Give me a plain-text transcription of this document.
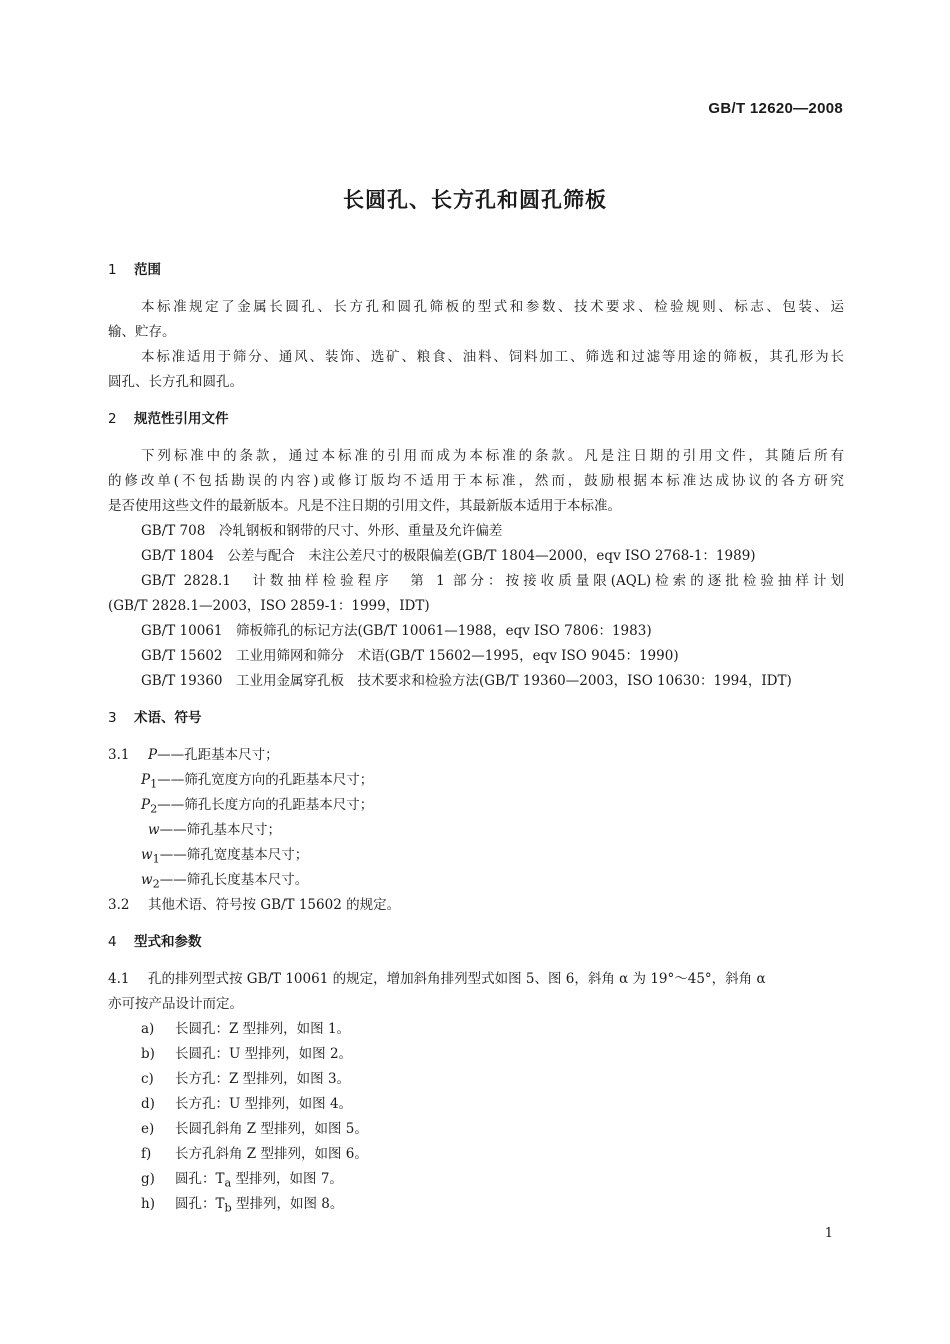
GB/T 12620—2008
长圆孔、长方孔和圆孔筛板
1 范围
本标准规定了金属长圆孔、长方孔和圆孔筛板的型式和参数、技术要求、检验规则、标志、包装、运
输、贮存。
本标准适用于筛分、通风、装饰、选矿、粮食、油料、饲料加工、筛选和过滤等用途的筛板，其孔形为长
圆孔、长方孔和圆孔。
2 规范性引用文件
下列标准中的条款，通过本标准的引用而成为本标准的条款。凡是注日期的引用文件，其随后所有
的修改单(不包括勘误的内容)或修订版均不适用于本标准，然而，鼓励根据本标准达成协议的各方研究
是否使用这些文件的最新版本。凡是不注日期的引用文件，其最新版本适用于本标准。
GB/T 708　冷轧钢板和钢带的尺寸、外形、重量及允许偏差
GB/T 1804　公差与配合　未注公差尺寸的极限偏差(GB/T 1804—2000，eqv ISO 2768-1：1989)
GB/T 2828.1　计数抽样检验程序　第 1 部分：按接收质量限(AQL)检索的逐批检验抽样计划
(GB/T 2828.1—2003，ISO 2859-1：1999，IDT)
GB/T 10061　筛板筛孔的标记方法(GB/T 10061—1988，eqv ISO 7806：1983)
GB/T 15602　工业用筛网和筛分　术语(GB/T 15602—1995，eqv ISO 9045：1990)
GB/T 19360　工业用金属穿孔板　技术要求和检验方法(GB/T 19360—2003，ISO 10630：1994，IDT)
3 术语、符号
3.1 P——孔距基本尺寸；
$P_1——$筛孔宽度方向的孔距基本尺寸；
$P_2——$筛孔长度方向的孔距基本尺寸；
w——筛孔基本尺寸；
$w_1——$筛孔宽度基本尺寸；
$w_2——$筛孔长度基本尺寸。
3.2 其他术语、符号按 GB/T 15602 的规定。
4 型式和参数
4.1 孔的排列型式按 GB/T 10061 的规定，增加斜角排列型式如图 5、图 6，斜角 α 为 19°～45°，斜角 α
亦可按产品设计而定。
a) 长圆孔：Z 型排列，如图 1。
b) 长圆孔：U 型排列，如图 2。
c) 长方孔：Z 型排列，如图 3。
d) 长方孔：U 型排列，如图 4。
e) 长圆孔斜角 Z 型排列，如图 5。
f) 长方孔斜角 Z 型排列，如图 6。
g) 圆孔：$T_a$ 型排列，如图 7。
h) 圆孔：$T_b$ 型排列，如图 8。
1
